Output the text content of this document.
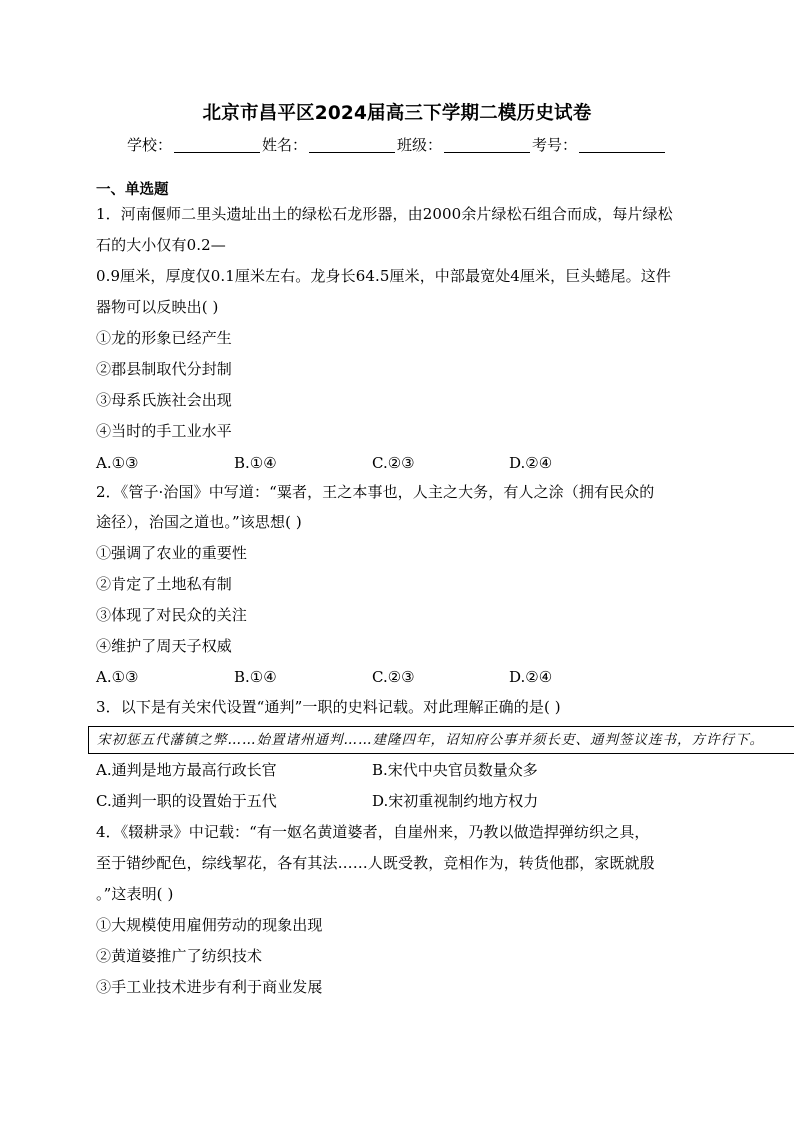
北京市昌平区2024届高三下学期二模历史试卷
学校：	姓名：	班级：	考号：
一、单选题
1．河南偃师二里头遗址出土的绿松石龙形器，由2000余片绿松石组合而成，每片绿松
石的大小仅有0.2—
0.9厘米，厚度仅0.1厘米左右。龙身长64.5厘米，中部最宽处4厘米，巨头蜷尾。这件
器物可以反映出( )
①龙的形象已经产生
②郡县制取代分封制
③母系氏族社会出现
④当时的手工业水平
A.①③	B.①④	C.②③	D.②④
2．《管子·治国》中写道：“粟者，王之本事也，人主之大务，有人之涂（拥有民众的
途径），治国之道也。”该思想( )
①强调了农业的重要性
②肯定了土地私有制
③体现了对民众的关注
④维护了周天子权威
A.①③	B.①④	C.②③	D.②④
3．以下是有关宋代设置“通判”一职的史料记载。对此理解正确的是( )
宋初惩五代藩镇之弊……始置诸州通判……建隆四年，诏知府公事并须长吏、通判签议连书，方许行下。
A.通判是地方最高行政长官	B.宋代中央官员数量众多
C.通判一职的设置始于五代	D.宋初重视制约地方权力
4．《辍耕录》中记载：“有一妪名黄道婆者，自崖州来，乃教以做造捍弹纺织之具，
至于错纱配色，综线挈花，各有其法……人既受教，竞相作为，转货他郡，家既就殷
。”这表明( )
①大规模使用雇佣劳动的现象出现
②黄道婆推广了纺织技术
③手工业技术进步有利于商业发展
